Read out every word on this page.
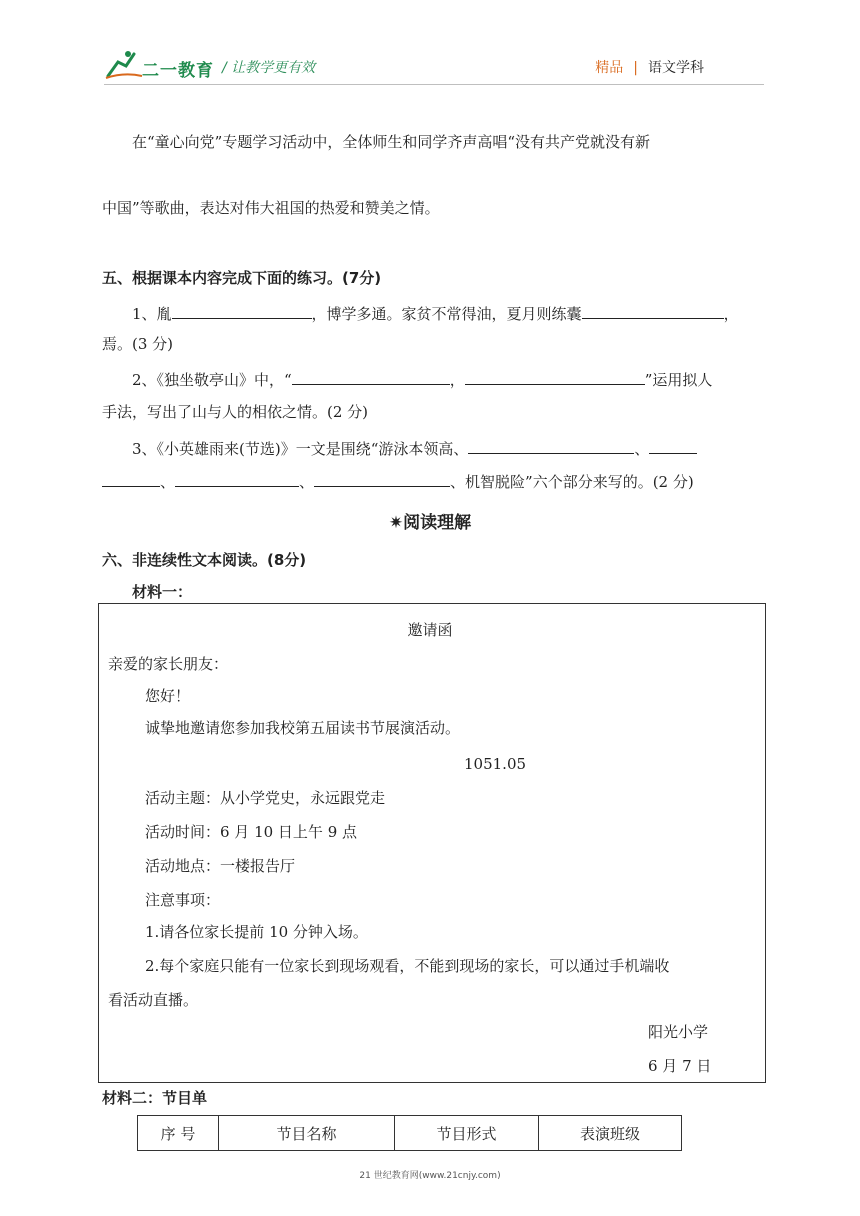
二一教育 / 让教学更有效	精品 | 语文学科
在“童心向党”专题学习活动中，全体师生和同学齐声高唱“没有共产党就没有新
中国”等歌曲，表达对伟大祖国的热爱和赞美之情。
五、根据课本内容完成下面的练习。(7分)
1、胤	，博学多通。家贫不常得油，夏月则练囊	，
焉。(3 分)
2、《独坐敬亭山》中，“	，	”运用拟人
手法，写出了山与人的相依之情。(2 分)
3、《小英雄雨来(节选)》一文是围绕“游泳本领高、	、
、	、	、机智脱险”六个部分来写的。(2 分)
✷阅读理解
六、非连续性文本阅读。(8分)
材料一：
邀请函
亲爱的家长朋友：
您好！
诚挚地邀请您参加我校第五届读书节展演活动。
1051.05
活动主题：从小学党史，永远跟党走
活动时间：6 月 10 日上午 9 点
活动地点：一楼报告厅
注意事项：
1.请各位家长提前 10 分钟入场。
2.每个家庭只能有一位家长到现场观看，不能到现场的家长，可以通过手机端收
看活动直播。
阳光小学
6 月 7 日
材料二：节目单
序 号	节目名称	节目形式	表演班级
21 世纪教育网(www.21cnjy.com)
